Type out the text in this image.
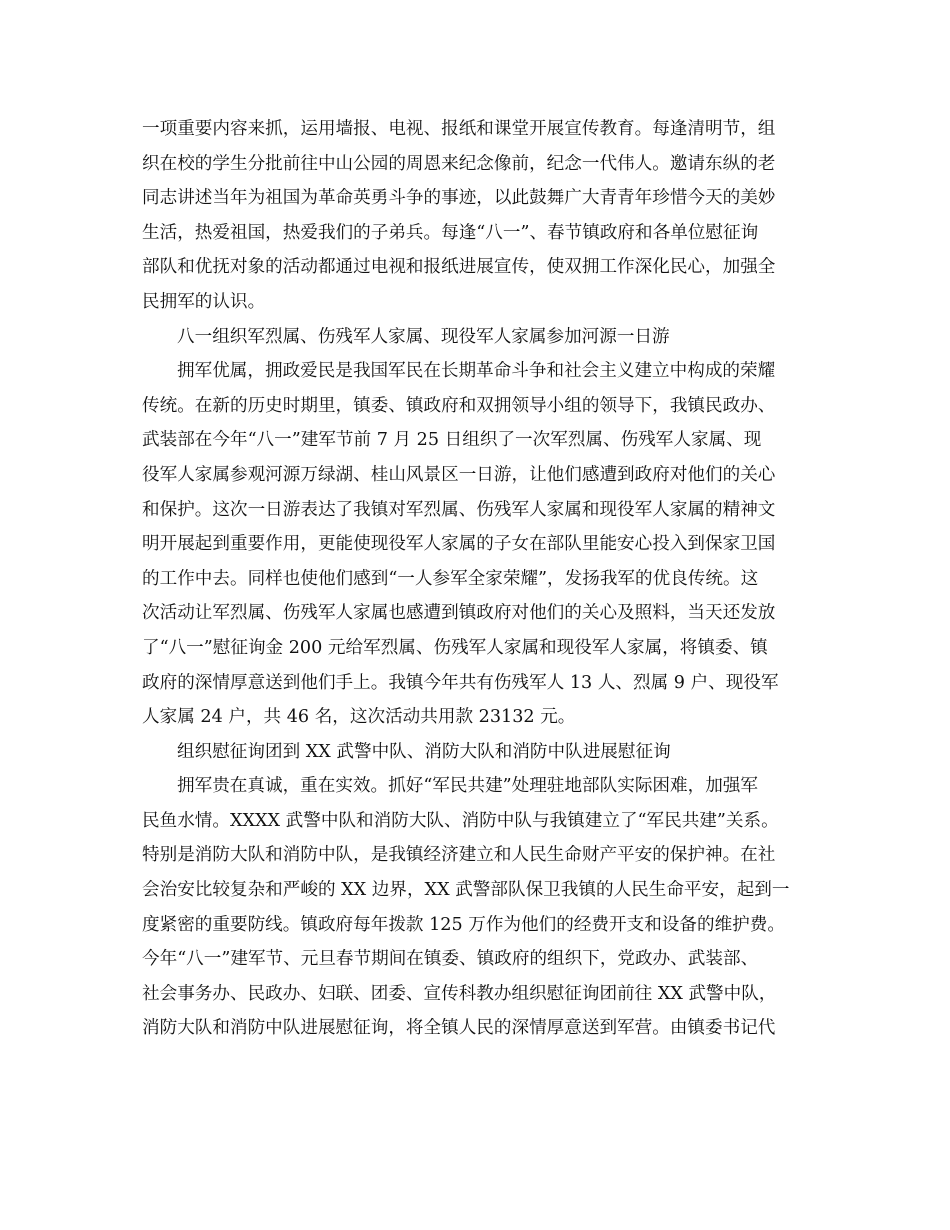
一项重要内容来抓，运用墙报、电视、报纸和课堂开展宣传教育。每逢清明节，组
织在校的学生分批前往中山公园的周恩来纪念像前，纪念一代伟人。邀请东纵的老
同志讲述当年为祖国为革命英勇斗争的事迹，以此鼓舞广大青青年珍惜今天的美妙
生活，热爱祖国，热爱我们的子弟兵。每逢“八一”、春节镇政府和各单位慰征询
部队和优抚对象的活动都通过电视和报纸进展宣传，使双拥工作深化民心，加强全
民拥军的认识。
八一组织军烈属、伤残军人家属、现役军人家属参加河源一日游
拥军优属，拥政爱民是我国军民在长期革命斗争和社会主义建立中构成的荣耀
传统。在新的历史时期里，镇委、镇政府和双拥领导小组的领导下，我镇民政办、
武装部在今年“八一”建军节前 7 月 25 日组织了一次军烈属、伤残军人家属、现
役军人家属参观河源万绿湖、桂山风景区一日游，让他们感遭到政府对他们的关心
和保护。这次一日游表达了我镇对军烈属、伤残军人家属和现役军人家属的精神文
明开展起到重要作用，更能使现役军人家属的子女在部队里能安心投入到保家卫国
的工作中去。同样也使他们感到“一人参军全家荣耀”，发扬我军的优良传统。这
次活动让军烈属、伤残军人家属也感遭到镇政府对他们的关心及照料，当天还发放
了“八一”慰征询金 200 元给军烈属、伤残军人家属和现役军人家属，将镇委、镇
政府的深情厚意送到他们手上。我镇今年共有伤残军人 13 人、烈属 9 户、现役军
人家属 24 户，共 46 名，这次活动共用款 23132 元。
组织慰征询团到 XX 武警中队、消防大队和消防中队进展慰征询
拥军贵在真诚，重在实效。抓好“军民共建”处理驻地部队实际困难，加强军
民鱼水情。XXXX 武警中队和消防大队、消防中队与我镇建立了“军民共建”关系。
特别是消防大队和消防中队，是我镇经济建立和人民生命财产平安的保护神。在社
会治安比较复杂和严峻的 XX 边界，XX 武警部队保卫我镇的人民生命平安，起到一
度紧密的重要防线。镇政府每年拨款 125 万作为他们的经费开支和设备的维护费。
今年“八一”建军节、元旦春节期间在镇委、镇政府的组织下，党政办、武装部、
社会事务办、民政办、妇联、团委、宣传科教办组织慰征询团前往 XX 武警中队，
消防大队和消防中队进展慰征询，将全镇人民的深情厚意送到军营。由镇委书记代
